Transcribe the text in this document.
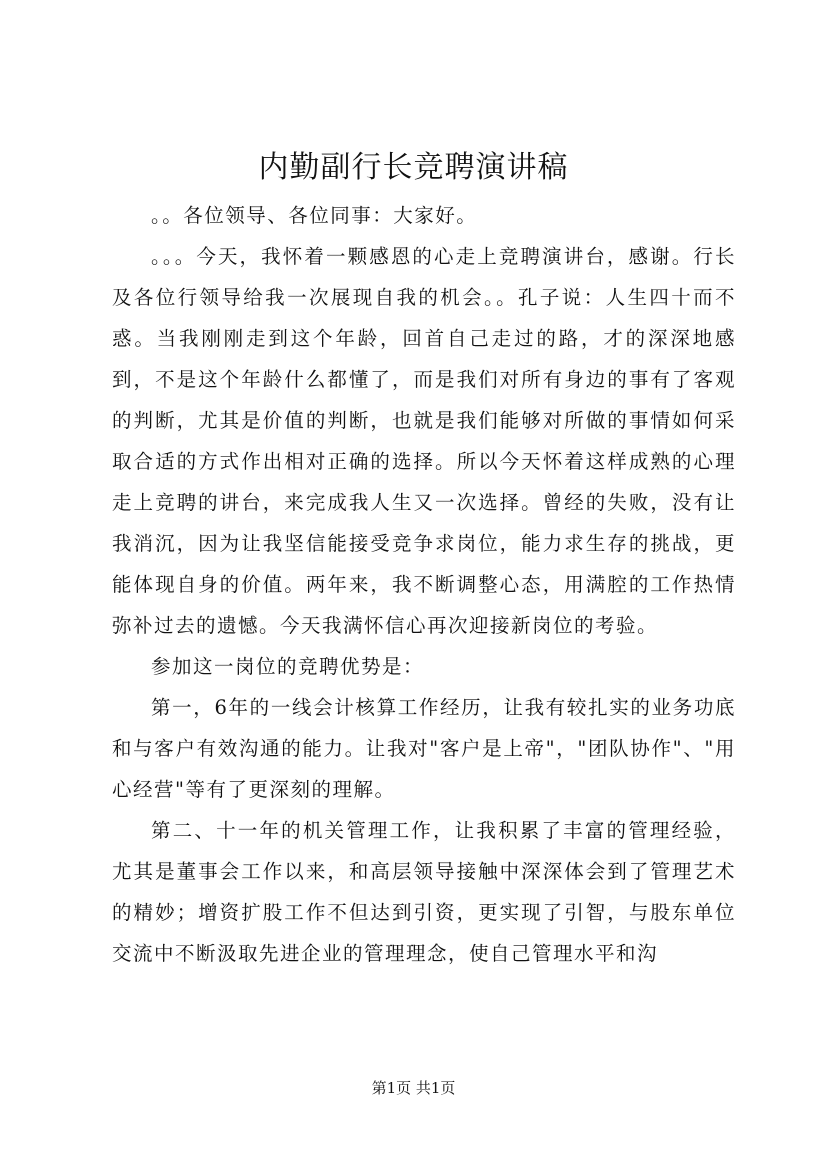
内勤副行长竞聘演讲稿

。。各位领导、各位同事：大家好。

。。。今天，我怀着一颗感恩的心走上竞聘演讲台，感谢。行长及各位行领导给我一次展现自我的机会。。孔子说：人生四十而不惑。当我刚刚走到这个年龄，回首自己走过的路，才的深深地感到，不是这个年龄什么都懂了，而是我们对所有身边的事有了客观的判断，尤其是价值的判断，也就是我们能够对所做的事情如何采取合适的方式作出相对正确的选择。所以今天怀着这样成熟的心理走上竞聘的讲台，来完成我人生又一次选择。曾经的失败，没有让我消沉，因为让我坚信能接受竞争求岗位，能力求生存的挑战，更能体现自身的价值。两年来，我不断调整心态，用满腔的工作热情弥补过去的遗憾。今天我满怀信心再次迎接新岗位的考验。

参加这一岗位的竞聘优势是：

第一，6年的一线会计核算工作经历，让我有较扎实的业务功底和与客户有效沟通的能力。让我对"客户是上帝"，"团队协作"、"用心经营"等有了更深刻的理解。

第二、十一年的机关管理工作，让我积累了丰富的管理经验，尤其是董事会工作以来，和高层领导接触中深深体会到了管理艺术的精妙；增资扩股工作不但达到引资，更实现了引智，与股东单位交流中不断汲取先进企业的管理理念，使自己管理水平和沟

第1页 共1页
